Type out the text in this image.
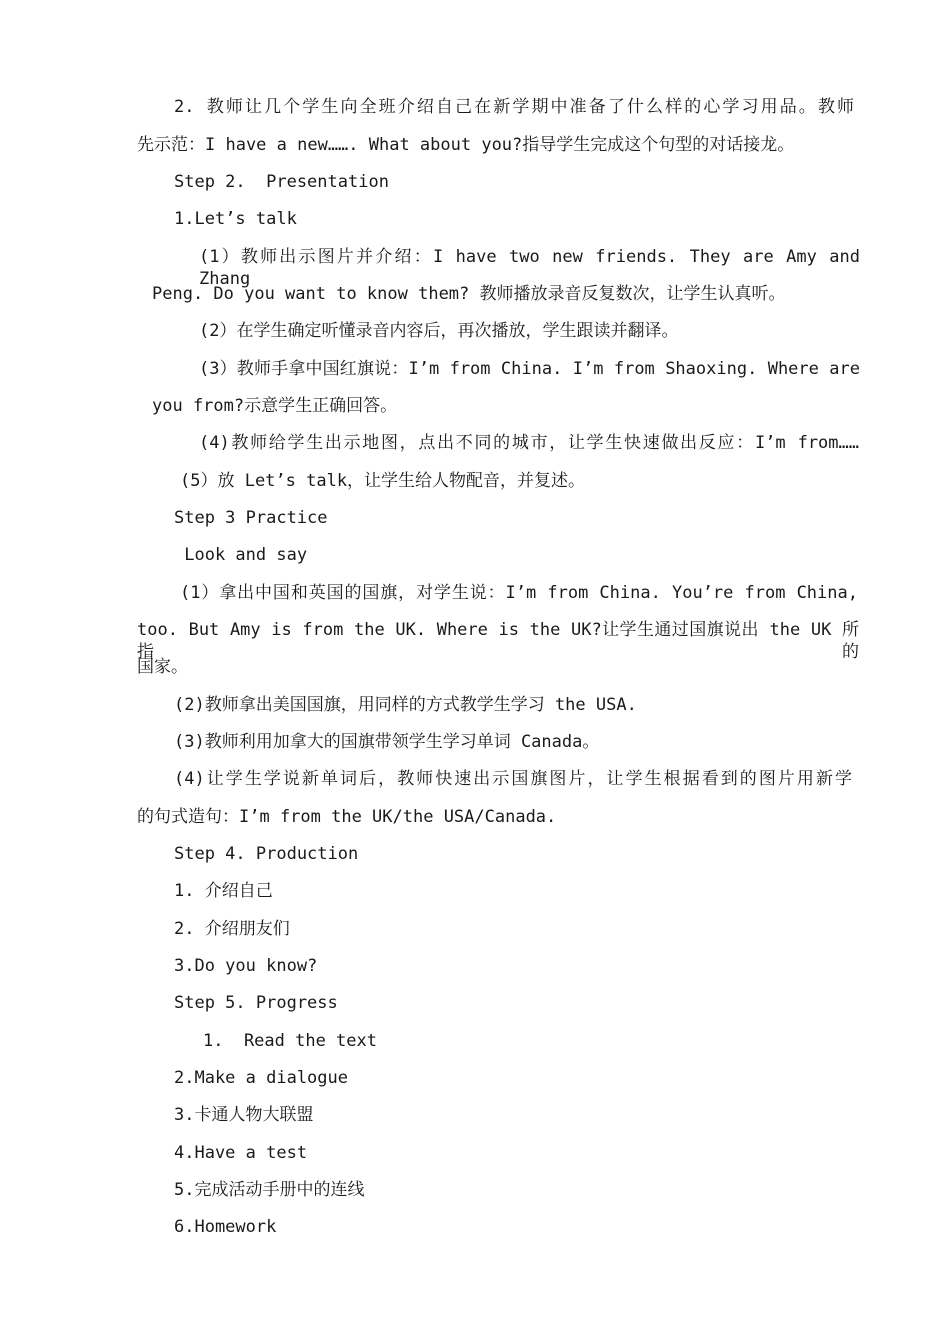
2. 教师让几个学生向全班介绍自己在新学期中准备了什么样的心学习用品。教师
先示范：I have a new……. What about you?指导学生完成这个句型的对话接龙。
Step 2.  Presentation
1.Let’s talk
(1）教师出示图片并介绍：I have two new friends. They are Amy and Zhang
Peng. Do you want to know them? 教师播放录音反复数次，让学生认真听。
(2）在学生确定听懂录音内容后，再次播放，学生跟读并翻译。
(3）教师手拿中国红旗说：I’m from China. I’m from Shaoxing. Where are
you from?示意学生正确回答。
(4)教师给学生出示地图，点出不同的城市，让学生快速做出反应：I’m from……
(5）放 Let’s talk，让学生给人物配音，并复述。
Step 3 Practice
Look and say
(1）拿出中国和英国的国旗，对学生说：I’m from China. You’re from China,
too. But Amy is from the UK. Where is the UK?让学生通过国旗说出 the UK 所指的
国家。
(2)教师拿出美国国旗，用同样的方式教学生学习 the USA.
(3)教师利用加拿大的国旗带领学生学习单词 Canada。
(4)让学生学说新单词后，教师快速出示国旗图片，让学生根据看到的图片用新学
的句式造句：I’m from the UK/the USA/Canada.
Step 4. Production
1. 介绍自己
2. 介绍朋友们
3.Do you know?
Step 5. Progress
1.  Read the text
2.Make a dialogue
3.卡通人物大联盟
4.Have a test
5.完成活动手册中的连线
6.Homework
